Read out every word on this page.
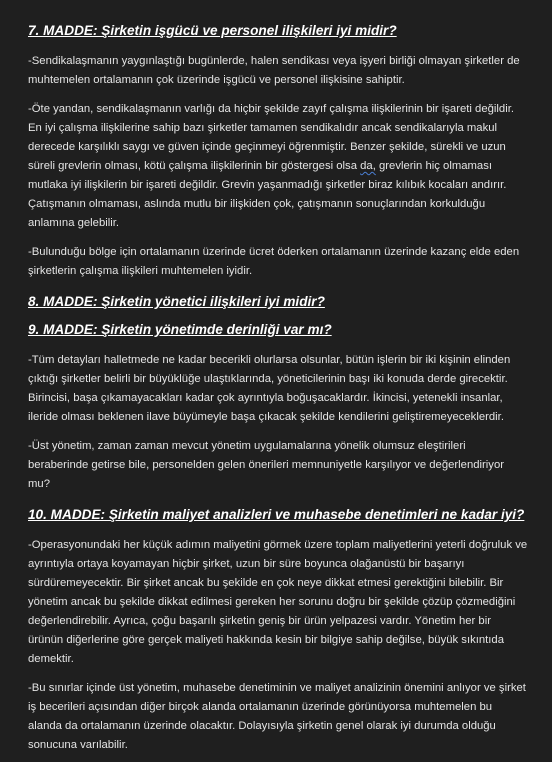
7. MADDE: Şirketin işgücü ve personel ilişkileri iyi midir?

-Sendikalaşmanın yaygınlaştığı bugünlerde, halen sendikası veya işyeri birliği olmayan şirketler de muhtemelen ortalamanın çok üzerinde işgücü ve personel ilişkisine sahiptir.

-Öte yandan, sendikalaşmanın varlığı da hiçbir şekilde zayıf çalışma ilişkilerinin bir işareti değildir. En iyi çalışma ilişkilerine sahip bazı şirketler tamamen sendikalıdır ancak sendikalarıyla makul derecede karşılıklı saygı ve güven içinde geçinmeyi öğrenmiştir. Benzer şekilde, sürekli ve uzun süreli grevlerin olması, kötü çalışma ilişkilerinin bir göstergesi olsa da, grevlerin hiç olmaması mutlaka iyi ilişkilerin bir işareti değildir. Grevin yaşanmadığı şirketler biraz kılıbık kocaları andırır. Çatışmanın olmaması, aslında mutlu bir ilişkiden çok, çatışmanın sonuçlarından korkulduğu anlamına gelebilir.

-Bulunduğu bölge için ortalamanın üzerinde ücret öderken ortalamanın üzerinde kazanç elde eden şirketlerin çalışma ilişkileri muhtemelen iyidir.

8. MADDE: Şirketin yönetici ilişkileri iyi midir?

9. MADDE: Şirketin yönetimde derinliği var mı?

-Tüm detayları halletmede ne kadar becerikli olurlarsa olsunlar, bütün işlerin bir iki kişinin elinden çıktığı şirketler belirli bir büyüklüğe ulaştıklarında, yöneticilerinin başı iki konuda derde girecektir. Birincisi, başa çıkamayacakları kadar çok ayrıntıyla boğuşacaklardır. İkincisi, yetenekli insanlar, ileride olması beklenen ilave büyümeyle başa çıkacak şekilde kendilerini geliştiremeyeceklerdir.

-Üst yönetim, zaman zaman mevcut yönetim uygulamalarına yönelik olumsuz eleştirileri beraberinde getirse bile, personelden gelen önerileri memnuniyetle karşılıyor ve değerlendiriyor mu?

10. MADDE: Şirketin maliyet analizleri ve muhasebe denetimleri ne kadar iyi?

-Operasyonundaki her küçük adımın maliyetini görmek üzere toplam maliyetlerini yeterli doğruluk ve ayrıntıyla ortaya koyamayan hiçbir şirket, uzun bir süre boyunca olağanüstü bir başarıyı sürdüremeyecektir. Bir şirket ancak bu şekilde en çok neye dikkat etmesi gerektiğini bilebilir. Bir yönetim ancak bu şekilde dikkat edilmesi gereken her sorunu doğru bir şekilde çözüp çözmediğini değerlendirebilir. Ayrıca, çoğu başarılı şirketin geniş bir ürün yelpazesi vardır. Yönetim her bir ürünün diğerlerine göre gerçek maliyeti hakkında kesin bir bilgiye sahip değilse, büyük sıkıntıda demektir.

-Bu sınırlar içinde üst yönetim, muhasebe denetiminin ve maliyet analizinin önemini anlıyor ve şirket iş becerileri açısından diğer birçok alanda ortalamanın üzerinde görünüyorsa muhtemelen bu alanda da ortalamanın üzerinde olacaktır. Dolayısıyla şirketin genel olarak iyi durumda olduğu sonucuna varılabilir.
